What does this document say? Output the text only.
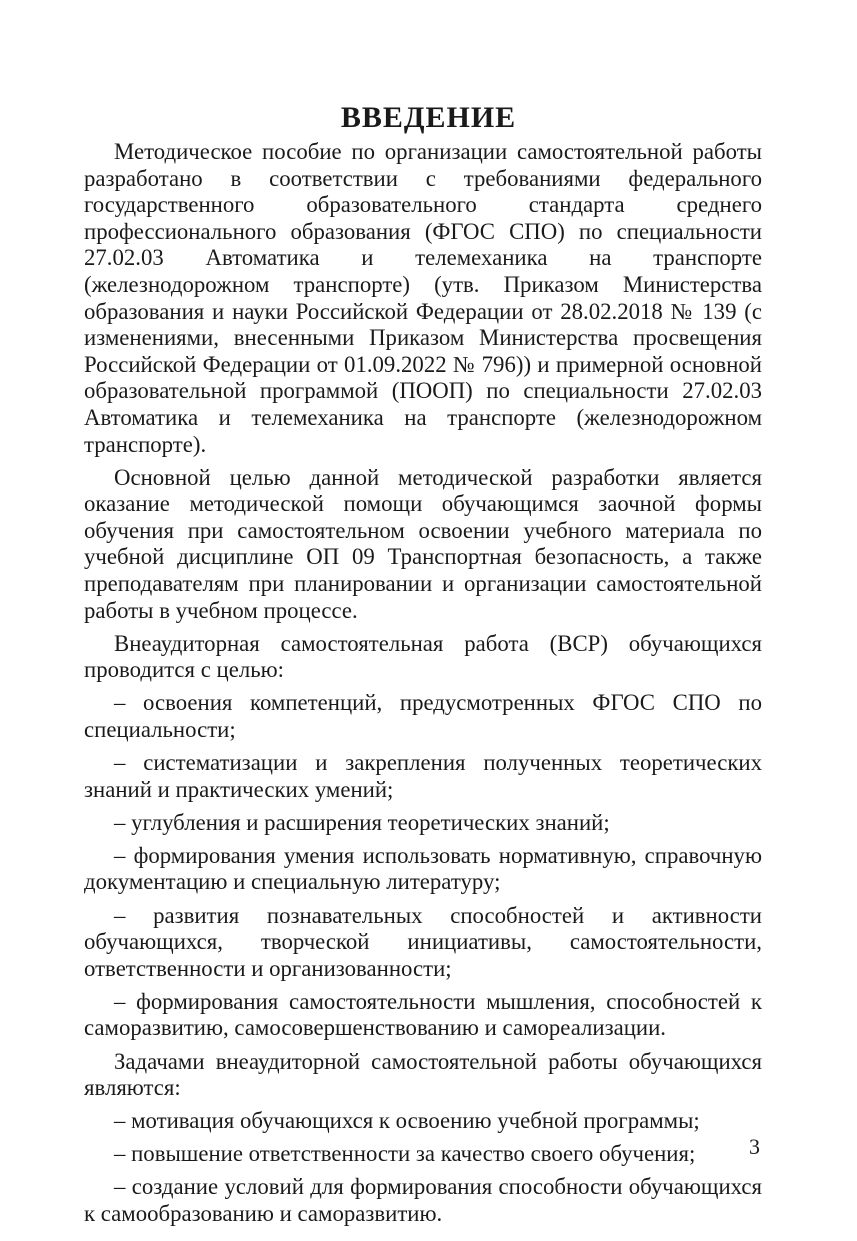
ВВЕДЕНИЕ

Методическое пособие по организации самостоятельной работы разработано в соответствии с требованиями федерального государственного образовательного стандарта среднего профессионального образования (ФГОС СПО) по специальности 27.02.03 Автоматика и телемеханика на транспорте (железнодорожном транспорте) (утв. Приказом Министерства образования и науки Российской Федерации от 28.02.2018 № 139 (с изменениями, внесенными Приказом Министерства просвещения Российской Федерации от 01.09.2022 № 796)) и примерной основной образовательной программой (ПООП) по специальности 27.02.03 Автоматика и телемеханика на транспорте (железнодорожном транспорте).

Основной целью данной методической разработки является оказание методической помощи обучающимся заочной формы обучения при самостоятельном освоении учебного материала по учебной дисциплине ОП 09 Транспортная безопасность, а также преподавателям при планировании и организации самостоятельной работы в учебном процессе.

Внеаудиторная самостоятельная работа (ВСР) обучающихся проводится с целью:

– освоения компетенций, предусмотренных ФГОС СПО по специальности;

– систематизации и закрепления полученных теоретических знаний и практических умений;

– углубления и расширения теоретических знаний;

– формирования умения использовать нормативную, справочную документацию и специальную литературу;

– развития познавательных способностей и активности обучающихся, творческой инициативы, самостоятельности, ответственности и организованности;

– формирования самостоятельности мышления, способностей к саморазвитию, самосовершенствованию и самореализации.

Задачами внеаудиторной самостоятельной работы обучающихся являются:

– мотивация обучающихся к освоению учебной программы;

– повышение ответственности за качество своего обучения;

– создание условий для формирования способности обучающихся к самообразованию и саморазвитию.

3
